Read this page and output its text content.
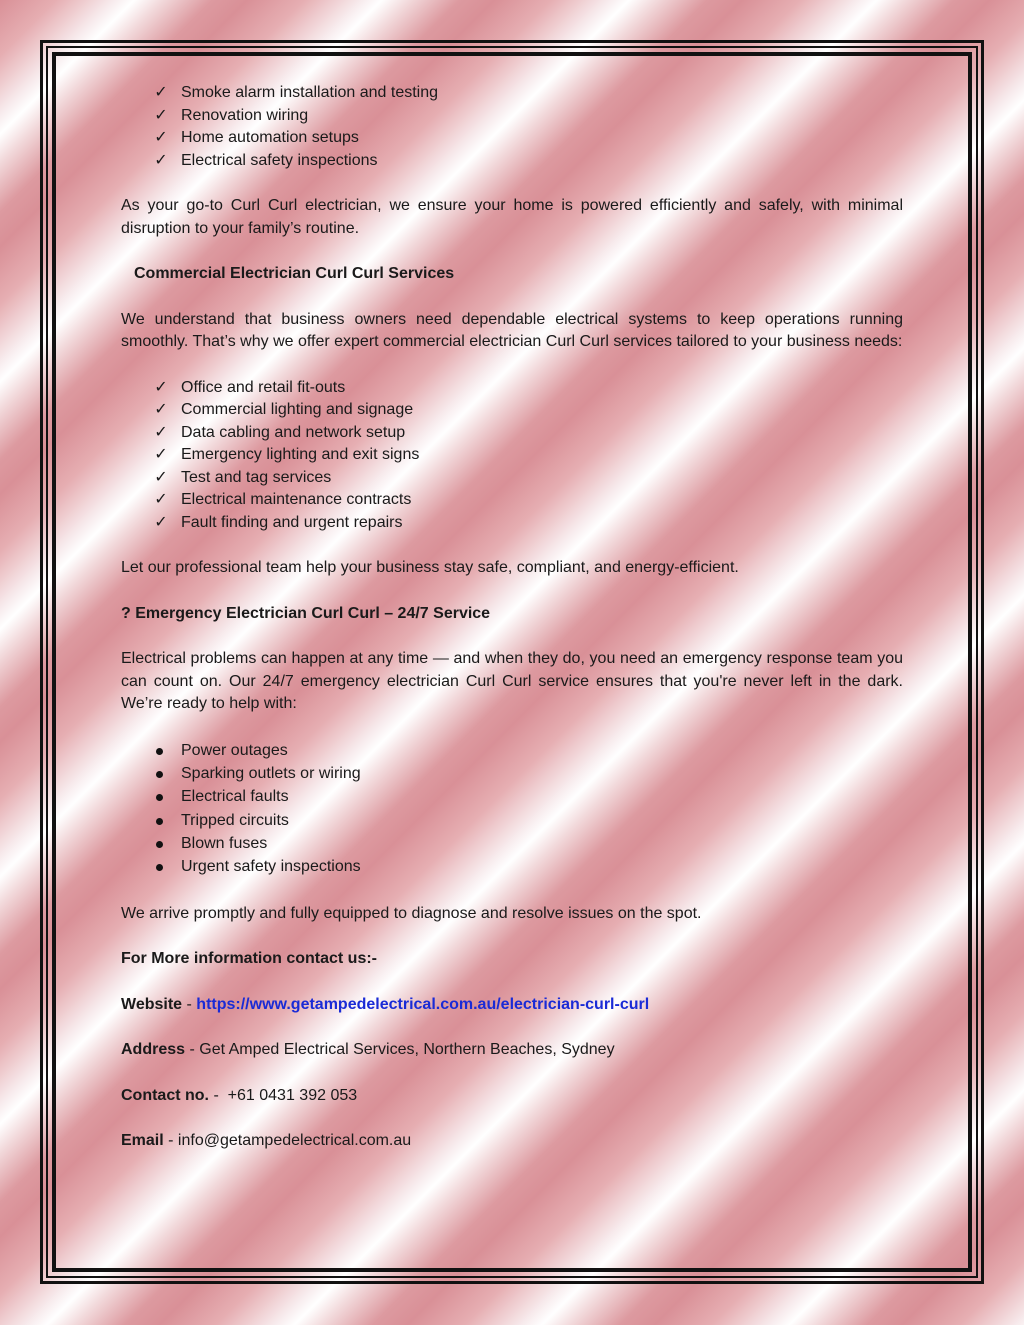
✓ Smoke alarm installation and testing
✓ Renovation wiring
✓ Home automation setups
✓ Electrical safety inspections

As your go-to Curl Curl electrician, we ensure your home is powered efficiently and safely, with minimal disruption to your family’s routine.

Commercial Electrician Curl Curl Services

We understand that business owners need dependable electrical systems to keep operations running smoothly. That’s why we offer expert commercial electrician Curl Curl services tailored to your business needs:

✓ Office and retail fit-outs
✓ Commercial lighting and signage
✓ Data cabling and network setup
✓ Emergency lighting and exit signs
✓ Test and tag services
✓ Electrical maintenance contracts
✓ Fault finding and urgent repairs

Let our professional team help your business stay safe, compliant, and energy-efficient.

? Emergency Electrician Curl Curl – 24/7 Service

Electrical problems can happen at any time — and when they do, you need an emergency response team you can count on. Our 24/7 emergency electrician Curl Curl service ensures that you're never left in the dark. We’re ready to help with:

Power outages
Sparking outlets or wiring
Electrical faults
Tripped circuits
Blown fuses
Urgent safety inspections

We arrive promptly and fully equipped to diagnose and resolve issues on the spot.

For More information contact us:-

Website - https://www.getampedelectrical.com.au/electrician-curl-curl

Address - Get Amped Electrical Services, Northern Beaches, Sydney

Contact no. - +61 0431 392 053

Email - info@getampedelectrical.com.au
